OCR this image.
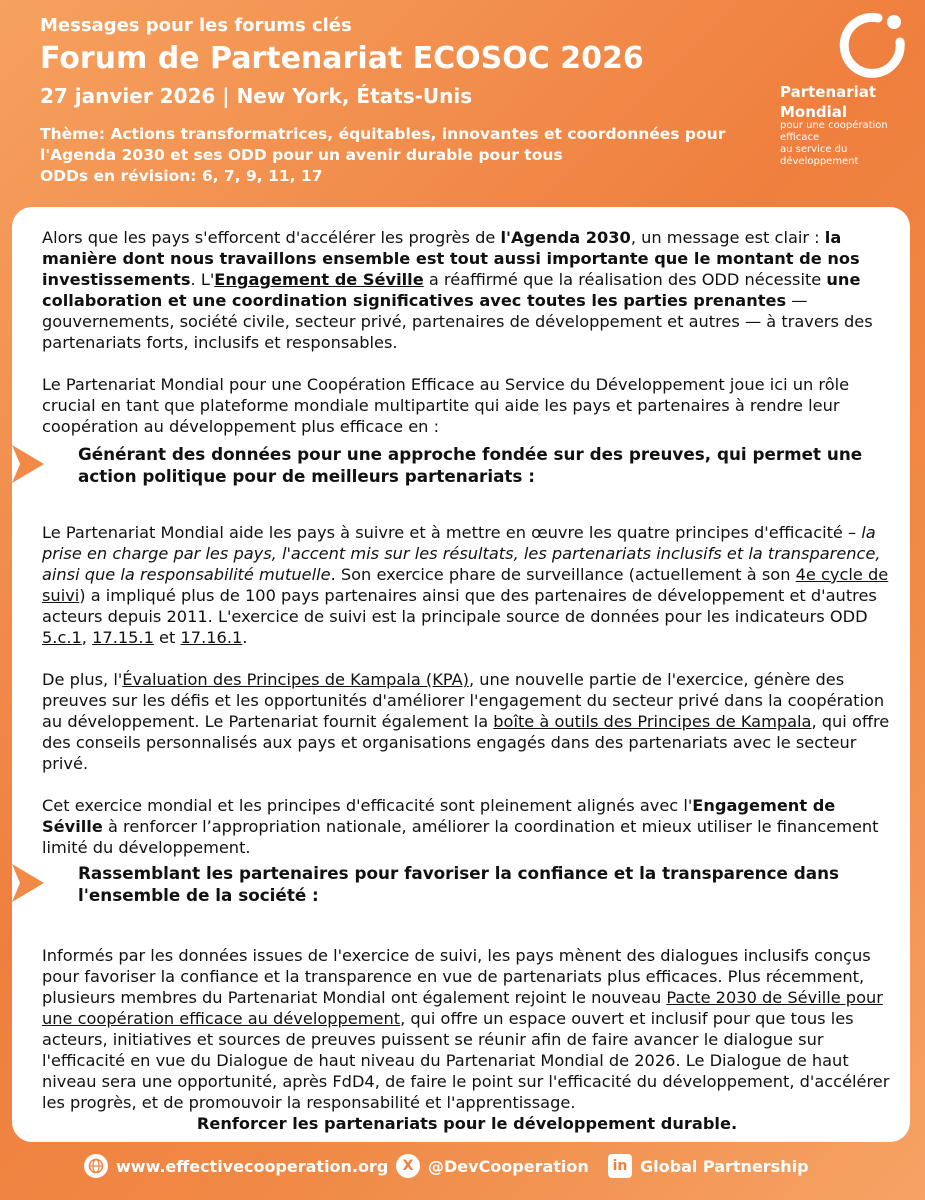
Messages pour les forums clés
Forum de Partenariat ECOSOC 2026
27 janvier 2026 | New York, États-Unis
Thème: Actions transformatrices, équitables, innovantes et coordonnées pour l'Agenda 2030 et ses ODD pour un avenir durable pour tous
ODDs en révision: 6, 7, 9, 11, 17
Partenariat
Mondial
pour une coopération efficace
au service du développement

Alors que les pays s'efforcent d'accélérer les progrès de l'Agenda 2030, un message est clair : la manière dont nous travaillons ensemble est tout aussi importante que le montant de nos investissements. L'Engagement de Séville a réaffirmé que la réalisation des ODD nécessite une collaboration et une coordination significatives avec toutes les parties prenantes — gouvernements, société civile, secteur privé, partenaires de développement et autres — à travers des partenariats forts, inclusifs et responsables.

Le Partenariat Mondial pour une Coopération Efficace au Service du Développement joue ici un rôle crucial en tant que plateforme mondiale multipartite qui aide les pays et partenaires à rendre leur coopération au développement plus efficace en :

Générant des données pour une approche fondée sur des preuves, qui permet une action politique pour de meilleurs partenariats :

Le Partenariat Mondial aide les pays à suivre et à mettre en œuvre les quatre principes d'efficacité – la prise en charge par les pays, l'accent mis sur les résultats, les partenariats inclusifs et la transparence, ainsi que la responsabilité mutuelle. Son exercice phare de surveillance (actuellement à son 4e cycle de suivi) a impliqué plus de 100 pays partenaires ainsi que des partenaires de développement et d'autres acteurs depuis 2011. L'exercice de suivi est la principale source de données pour les indicateurs ODD 5.c.1, 17.15.1 et 17.16.1.

De plus, l'Évaluation des Principes de Kampala (KPA), une nouvelle partie de l'exercice, génère des preuves sur les défis et les opportunités d'améliorer l'engagement du secteur privé dans la coopération au développement. Le Partenariat fournit également la boîte à outils des Principes de Kampala, qui offre des conseils personnalisés aux pays et organisations engagés dans des partenariats avec le secteur privé.

Cet exercice mondial et les principes d'efficacité sont pleinement alignés avec l'Engagement de Séville à renforcer l’appropriation nationale, améliorer la coordination et mieux utiliser le financement limité du développement.

Rassemblant les partenaires pour favoriser la confiance et la transparence dans l'ensemble de la société :

Informés par les données issues de l'exercice de suivi, les pays mènent des dialogues inclusifs conçus pour favoriser la confiance et la transparence en vue de partenariats plus efficaces. Plus récemment, plusieurs membres du Partenariat Mondial ont également rejoint le nouveau Pacte 2030 de Séville pour une coopération efficace au développement, qui offre un espace ouvert et inclusif pour que tous les acteurs, initiatives et sources de preuves puissent se réunir afin de faire avancer le dialogue sur l'efficacité en vue du Dialogue de haut niveau du Partenariat Mondial de 2026. Le Dialogue de haut niveau sera une opportunité, après FdD4, de faire le point sur l'efficacité du développement, d'accélérer les progrès, et de promouvoir la responsabilité et l'apprentissage.

Renforcer les partenariats pour le développement durable.

www.effectivecooperation.org	X @DevCooperation	in Global Partnership
